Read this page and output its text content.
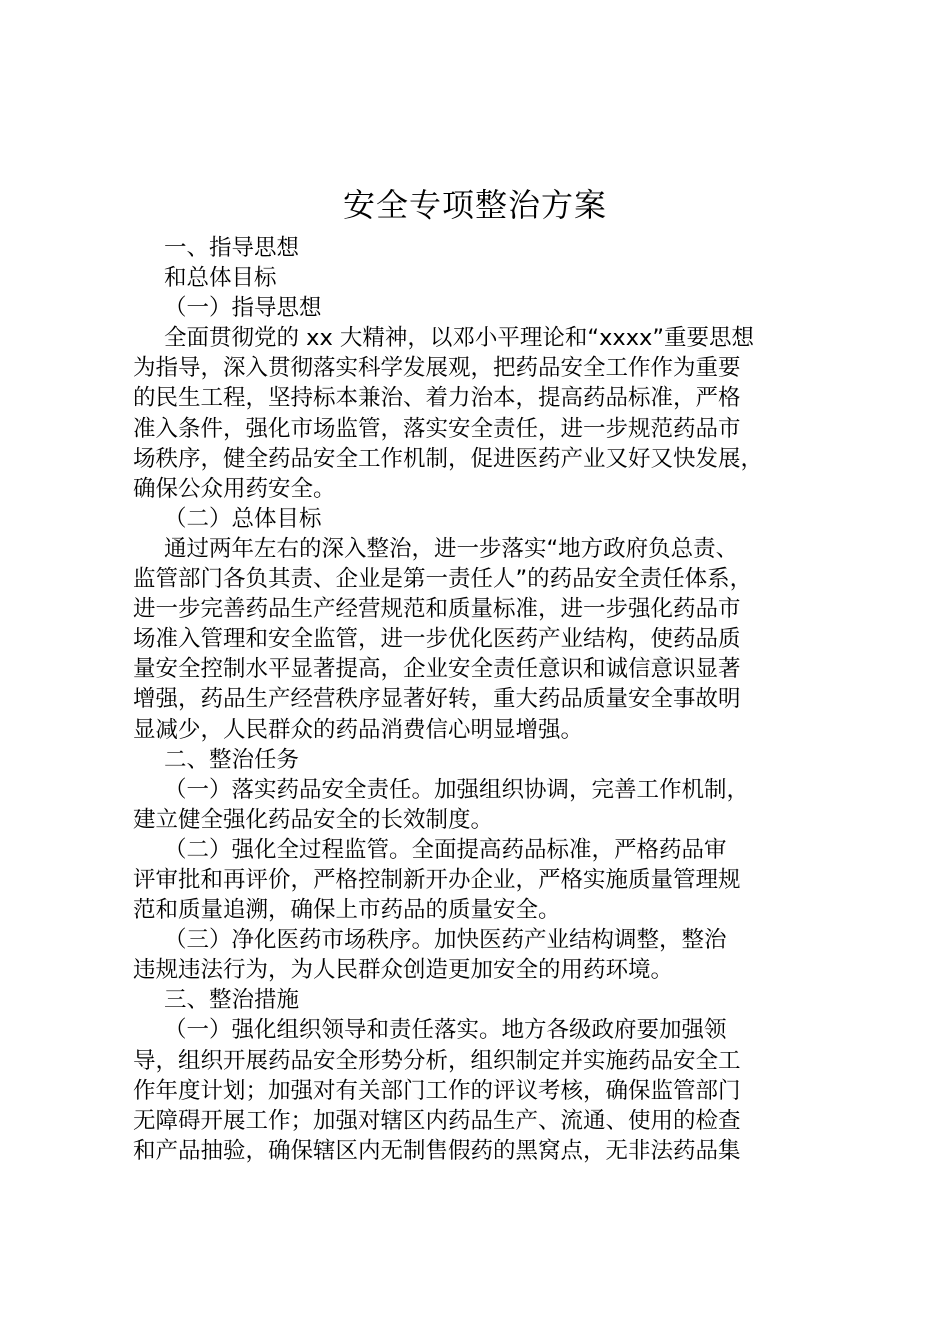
安全专项整治方案
一、指导思想
和总体目标
（一）指导思想
全面贯彻党的 xx 大精神，以邓小平理论和“xxxx”重要思想
为指导，深入贯彻落实科学发展观，把药品安全工作作为重要
的民生工程，坚持标本兼治、着力治本，提高药品标准，严格
准入条件，强化市场监管，落实安全责任，进一步规范药品市
场秩序，健全药品安全工作机制，促进医药产业又好又快发展，
确保公众用药安全。
（二）总体目标
通过两年左右的深入整治，进一步落实“地方政府负总责、
监管部门各负其责、企业是第一责任人”的药品安全责任体系，
进一步完善药品生产经营规范和质量标准，进一步强化药品市
场准入管理和安全监管，进一步优化医药产业结构，使药品质
量安全控制水平显著提高，企业安全责任意识和诚信意识显著
增强，药品生产经营秩序显著好转，重大药品质量安全事故明
显减少，人民群众的药品消费信心明显增强。
二、整治任务
（一）落实药品安全责任。加强组织协调，完善工作机制，
建立健全强化药品安全的长效制度。
（二）强化全过程监管。全面提高药品标准，严格药品审
评审批和再评价，严格控制新开办企业，严格实施质量管理规
范和质量追溯，确保上市药品的质量安全。
（三）净化医药市场秩序。加快医药产业结构调整，整治
违规违法行为，为人民群众创造更加安全的用药环境。
三、整治措施
（一）强化组织领导和责任落实。地方各级政府要加强领
导，组织开展药品安全形势分析，组织制定并实施药品安全工
作年度计划；加强对有关部门工作的评议考核，确保监管部门
无障碍开展工作；加强对辖区内药品生产、流通、使用的检查
和产品抽验，确保辖区内无制售假药的黑窝点，无非法药品集
